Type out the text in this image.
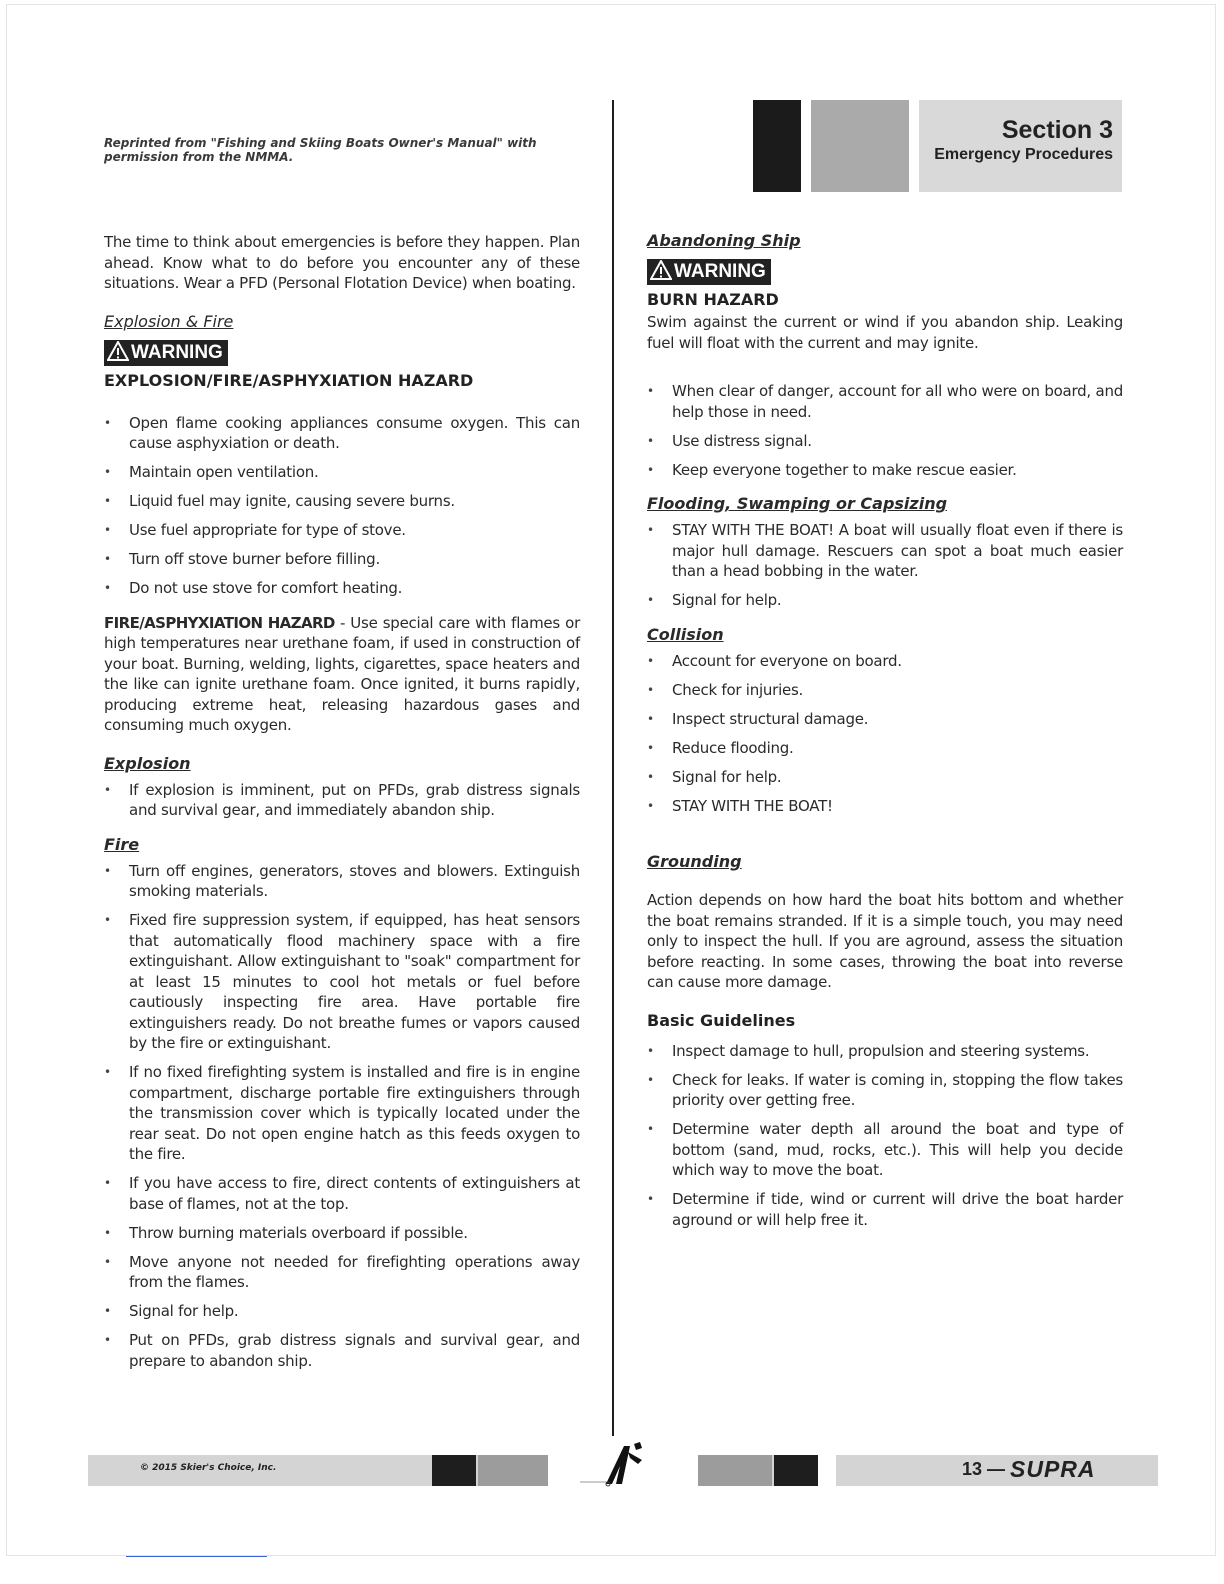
Reprinted from "Fishing and Skiing Boats Owner's Manual" with permission from the NMMA.
Section 3
Emergency Procedures

The time to think about emergencies is before they happen. Plan ahead. Know what to do before you encounter any of these situations. Wear a PFD (Personal Flotation Device) when boating.

Explosion & Fire
WARNING
EXPLOSION/FIRE/ASPHYXIATION HAZARD
• Open flame cooking appliances consume oxygen. This can cause asphyxiation or death.
• Maintain open ventilation.
• Liquid fuel may ignite, causing severe burns.
• Use fuel appropriate for type of stove.
• Turn off stove burner before filling.
• Do not use stove for comfort heating.

FIRE/ASPHYXIATION HAZARD - Use special care with flames or high temperatures near urethane foam, if used in construction of your boat. Burning, welding, lights, cigarettes, space heaters and the like can ignite urethane foam. Once ignited, it burns rapidly, producing extreme heat, releasing hazardous gases and consuming much oxygen.

Explosion
• If explosion is imminent, put on PFDs, grab distress signals and survival gear, and immediately abandon ship.
Fire
• Turn off engines, generators, stoves and blowers. Extinguish smoking materials.
• Fixed fire suppression system, if equipped, has heat sensors that automatically flood machinery space with a fire extinguishant. Allow extinguishant to "soak" compartment for at least 15 minutes to cool hot metals or fuel before cautiously inspecting fire area. Have portable fire extinguishers ready. Do not breathe fumes or vapors caused by the fire or extinguishant.
• If no fixed firefighting system is installed and fire is in engine compartment, discharge portable fire extinguishers through the transmission cover which is typically located under the rear seat. Do not open engine hatch as this feeds oxygen to the fire.
• If you have access to fire, direct contents of extinguishers at base of flames, not at the top.
• Throw burning materials overboard if possible.
• Move anyone not needed for firefighting operations away from the flames.
• Signal for help.
• Put on PFDs, grab distress signals and survival gear, and prepare to abandon ship.
Abandoning Ship
WARNING
BURN HAZARD

Swim against the current or wind if you abandon ship. Leaking fuel will float with the current and may ignite.

• When clear of danger, account for all who were on board, and help those in need.
• Use distress signal.
• Keep everyone together to make rescue easier.
Flooding, Swamping or Capsizing
• STAY WITH THE BOAT! A boat will usually float even if there is major hull damage. Rescuers can spot a boat much easier than a head bobbing in the water.
• Signal for help.
Collision
• Account for everyone on board.
• Check for injuries.
• Inspect structural damage.
• Reduce flooding.
• Signal for help.
• STAY WITH THE BOAT!
Grounding

Action depends on how hard the boat hits bottom and whether the boat remains stranded. If it is a simple touch, you may need only to inspect the hull. If you are aground, assess the situation before reacting. In some cases, throwing the boat into reverse can cause more damage.

Basic Guidelines
• Inspect damage to hull, propulsion and steering systems.
• Check for leaks. If water is coming in, stopping the flow takes priority over getting free.
• Determine water depth all around the boat and type of bottom (sand, mud, rocks, etc.). This will help you decide which way to move the boat.
• Determine if tide, wind or current will drive the boat harder aground or will help free it.
© 2015 Skier's Choice, Inc.	13 — SUPRA
